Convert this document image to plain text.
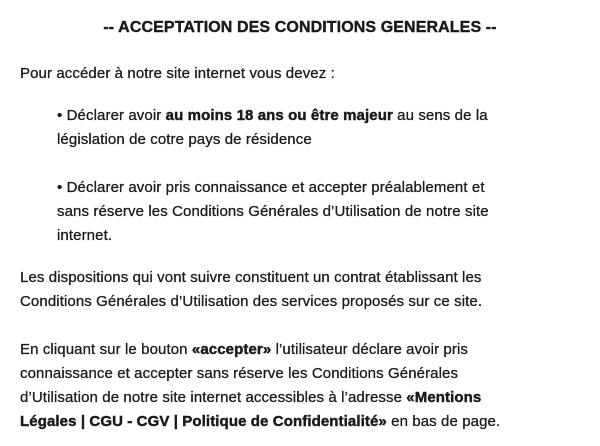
-- ACCEPTATION DES CONDITIONS GENERALES --
Pour accéder à notre site internet vous devez :
• Déclarer avoir au moins 18 ans ou être majeur au sens de la
législation de cotre pays de résidence
• Déclarer avoir pris connaissance et accepter préalablement et
sans réserve les Conditions Générales d’Utilisation de notre site
internet.
Les dispositions qui vont suivre constituent un contrat établissant les
Conditions Générales d’Utilisation des services proposés sur ce site.
En cliquant sur le bouton «accepter» l’utilisateur déclare avoir pris
connaissance et accepter sans réserve les Conditions Générales
d’Utilisation de notre site internet accessibles à l’adresse «Mentions
Légales | CGU - CGV | Politique de Confidentialité» en bas de page.
